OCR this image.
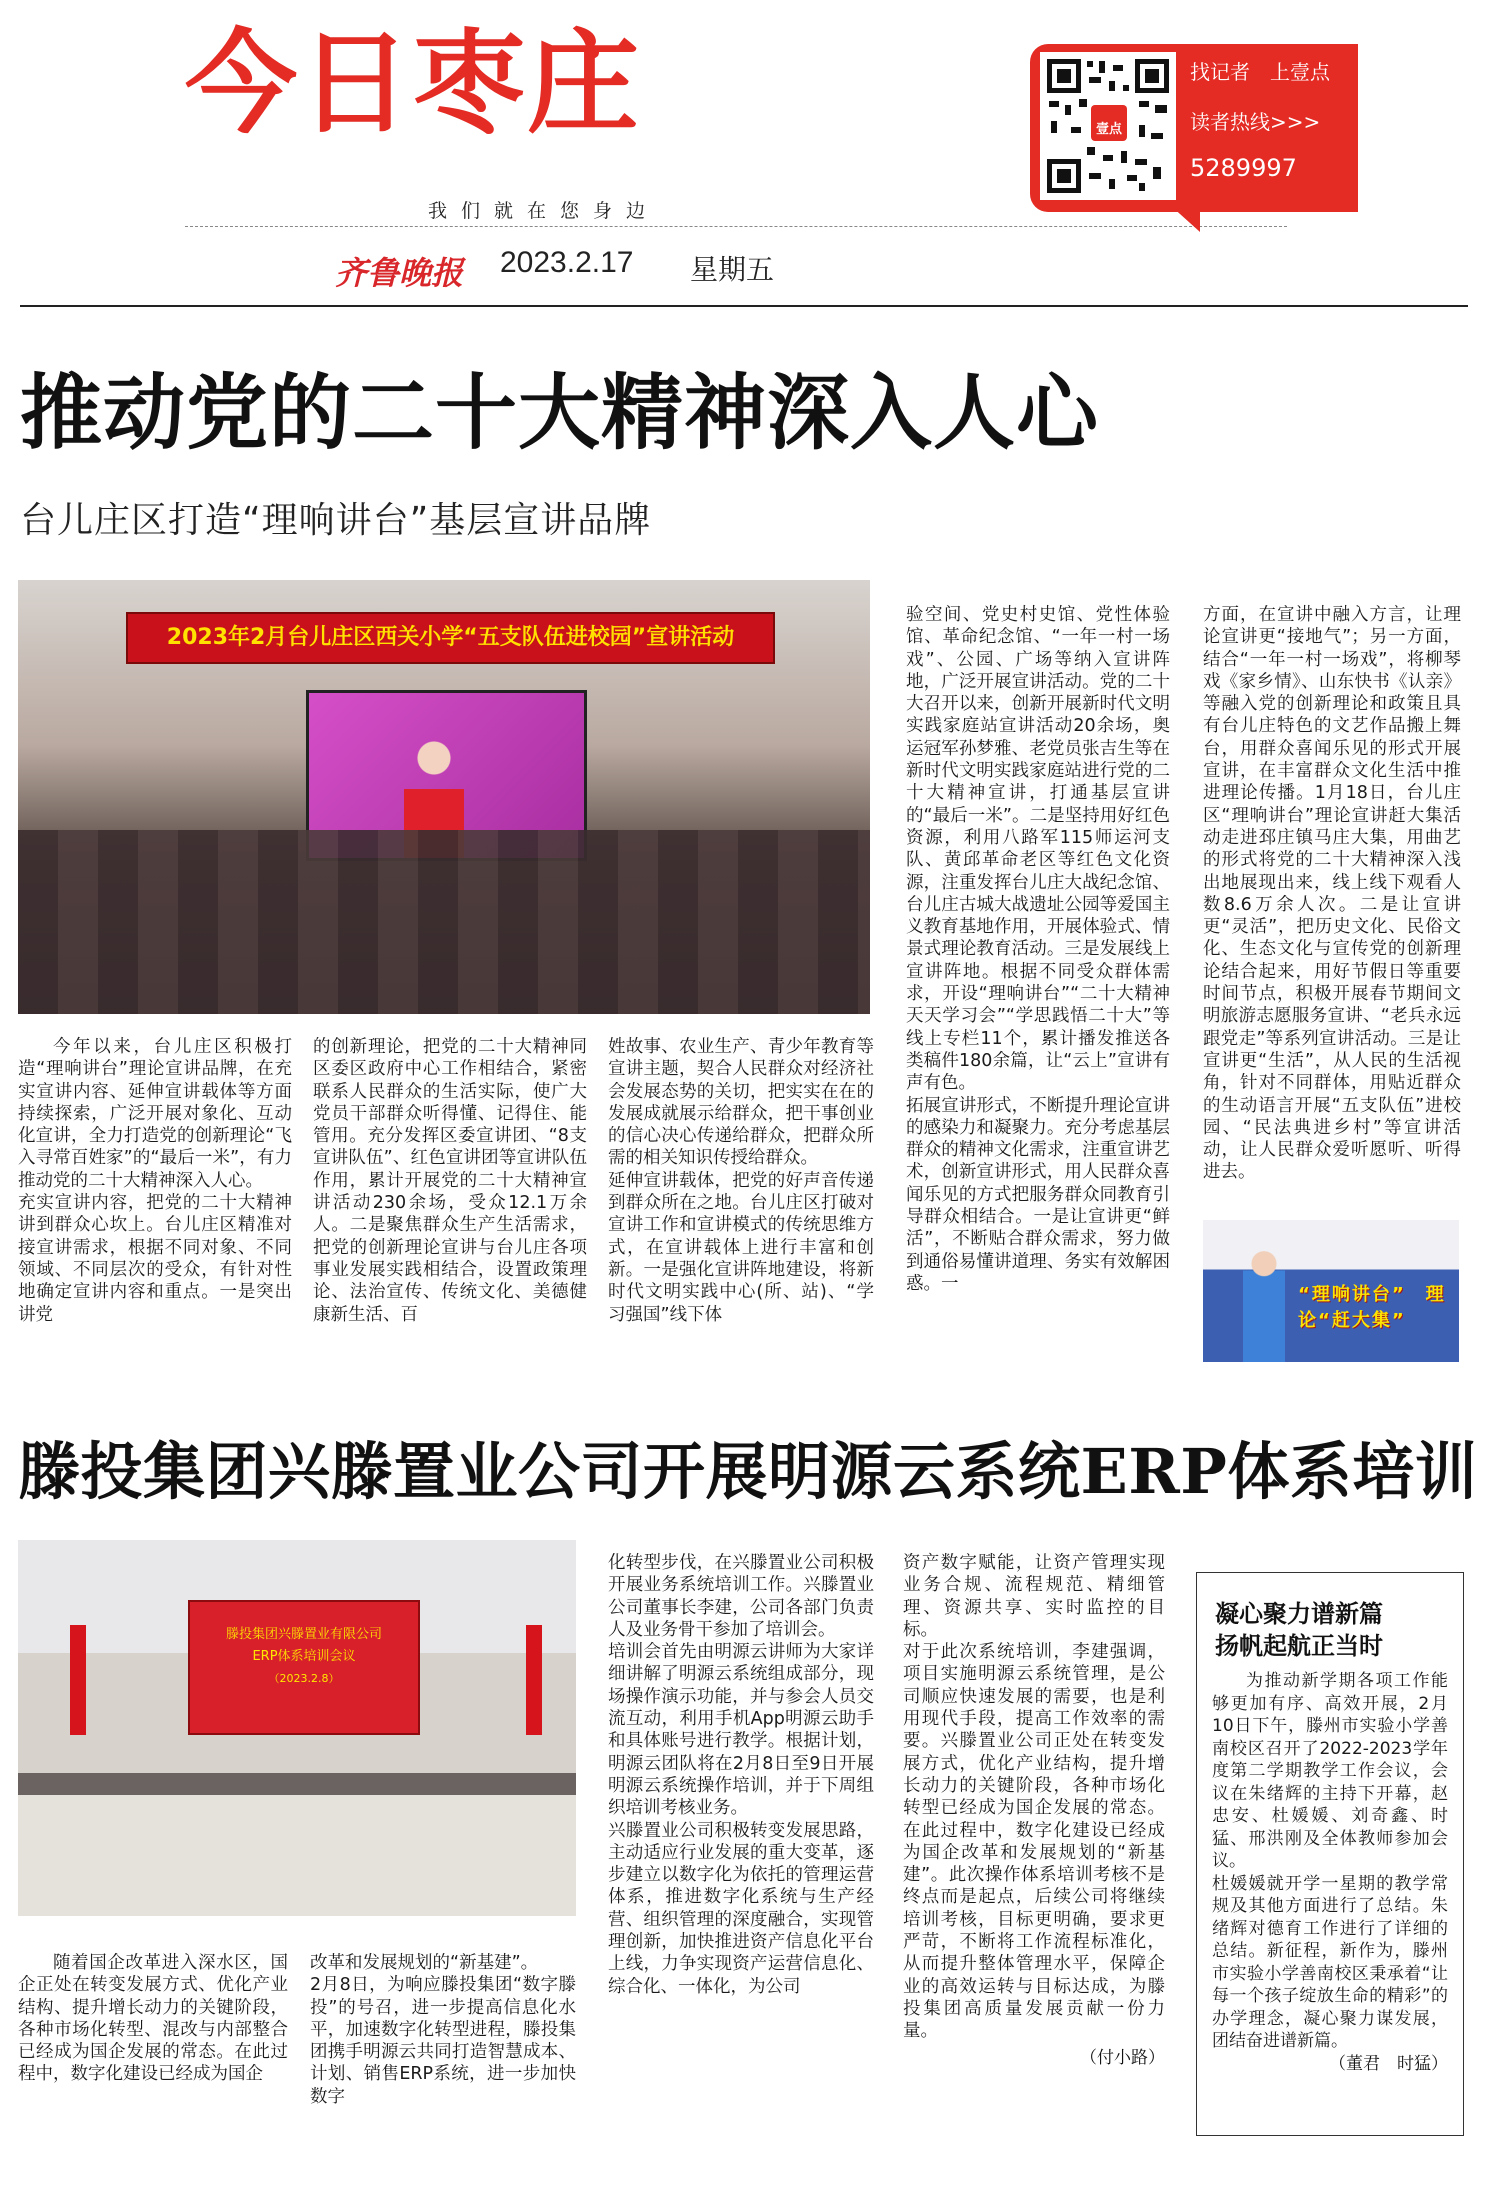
今日枣庄
我们就在您身边
齐鲁晚报 2023.2.17 星期五
找记者　上壹点
读者热线>>>
5289997
壹点
推动党的二十大精神深入人心
台儿庄区打造“理响讲台”基层宣讲品牌
2023年2月台儿庄区西关小学“五支队伍进校园”宣讲活动

今年以来，台儿庄区积极打造“理响讲台”理论宣讲品牌，在充实宣讲内容、延伸宣讲载体等方面持续探索，广泛开展对象化、互动化宣讲，全力打造党的创新理论“飞入寻常百姓家”的“最后一米”，有力推动党的二十大精神深入人心。
充实宣讲内容，把党的二十大精神讲到群众心坎上。台儿庄区精准对接宣讲需求，根据不同对象、不同领域、不同层次的受众，有针对性地确定宣讲内容和重点。一是突出讲党

的创新理论，把党的二十大精神同区委区政府中心工作相结合，紧密联系人民群众的生活实际，使广大党员干部群众听得懂、记得住、能管用。充分发挥区委宣讲团、“8支宣讲队伍”、红色宣讲团等宣讲队伍作用，累计开展党的二十大精神宣讲活动230余场，受众12.1万余人。二是聚焦群众生产生活需求，把党的创新理论宣讲与台儿庄各项事业发展实践相结合，设置政策理论、法治宣传、传统文化、美德健康新生活、百

姓故事、农业生产、青少年教育等宣讲主题，契合人民群众对经济社会发展态势的关切，把实实在在的发展成就展示给群众，把干事创业的信心决心传递给群众，把群众所需的相关知识传授给群众。
延伸宣讲载体，把党的好声音传递到群众所在之地。台儿庄区打破对宣讲工作和宣讲模式的传统思维方式，在宣讲载体上进行丰富和创新。一是强化宣讲阵地建设，将新时代文明实践中心(所、站)、“学习强国”线下体

验空间、党史村史馆、党性体验馆、革命纪念馆、“一年一村一场戏”、公园、广场等纳入宣讲阵地，广泛开展宣讲活动。党的二十大召开以来，创新开展新时代文明实践家庭站宣讲活动20余场，奥运冠军孙梦雅、老党员张吉生等在新时代文明实践家庭站进行党的二十大精神宣讲，打通基层宣讲的“最后一米”。二是坚持用好红色资源，利用八路军115师运河支队、黄邱革命老区等红色文化资源，注重发挥台儿庄大战纪念馆、台儿庄古城大战遗址公园等爱国主义教育基地作用，开展体验式、情景式理论教育活动。三是发展线上宣讲阵地。根据不同受众群体需求，开设“理响讲台”“二十大精神天天学习会”“学思践悟二十大”等线上专栏11个，累计播发推送各类稿件180余篇，让“云上”宣讲有声有色。
拓展宣讲形式，不断提升理论宣讲的感染力和凝聚力。充分考虑基层群众的精神文化需求，注重宣讲艺术，创新宣讲形式，用人民群众喜闻乐见的方式把服务群众同教育引导群众相结合。一是让宣讲更“鲜活”，不断贴合群众需求，努力做到通俗易懂讲道理、务实有效解困惑。一

方面，在宣讲中融入方言，让理论宣讲更“接地气”；另一方面，结合“一年一村一场戏”，将柳琴戏《家乡情》、山东快书《认亲》等融入党的创新理论和政策且具有台儿庄特色的文艺作品搬上舞台，用群众喜闻乐见的形式开展宣讲，在丰富群众文化生活中推进理论传播。1月18日，台儿庄区“理响讲台”理论宣讲赶大集活动走进邳庄镇马庄大集，用曲艺的形式将党的二十大精神深入浅出地展现出来，线上线下观看人数8.6万余人次。二是让宣讲更“灵活”，把历史文化、民俗文化、生态文化与宣传党的创新理论结合起来，用好节假日等重要时间节点，积极开展春节期间文明旅游志愿服务宣讲、“老兵永远跟党走”等系列宣讲活动。三是让宣讲更“生活”，从人民的生活视角，针对不同群体，用贴近群众的生动语言开展“五支队伍”进校园、“民法典进乡村”等宣讲活动，让人民群众爱听愿听、听得进去。

“理响讲台”　理论“赶大集”
滕投集团兴滕置业公司开展明源云系统ERP体系培训
滕投集团兴滕置业有限公司
ERP体系培训会议
（2023.2.8）

随着国企改革进入深水区，国企正处在转变发展方式、优化产业结构、提升增长动力的关键阶段，各种市场化转型、混改与内部整合已经成为国企发展的常态。在此过程中，数字化建设已经成为国企

改革和发展规划的“新基建”。
2月8日，为响应滕投集团“数字滕投”的号召，进一步提高信息化水平，加速数字化转型进程，滕投集团携手明源云共同打造智慧成本、计划、销售ERP系统，进一步加快数字

化转型步伐，在兴滕置业公司积极开展业务系统培训工作。兴滕置业公司董事长李建，公司各部门负责人及业务骨干参加了培训会。
培训会首先由明源云讲师为大家详细讲解了明源云系统组成部分，现场操作演示功能，并与参会人员交流互动，利用手机App明源云助手和具体账号进行教学。根据计划，明源云团队将在2月8日至9日开展明源云系统操作培训，并于下周组织培训考核业务。
兴滕置业公司积极转变发展思路，主动适应行业发展的重大变革，逐步建立以数字化为依托的管理运营体系，推进数字化系统与生产经营、组织管理的深度融合，实现管理创新，加快推进资产信息化平台上线，力争实现资产运营信息化、综合化、一体化，为公司

资产数字赋能，让资产管理实现业务合规、流程规范、精细管理、资源共享、实时监控的目标。
对于此次系统培训，李建强调，项目实施明源云系统管理，是公司顺应快速发展的需要，也是利用现代手段，提高工作效率的需要。兴滕置业公司正处在转变发展方式，优化产业结构，提升增长动力的关键阶段，各种市场化转型已经成为国企发展的常态。在此过程中，数字化建设已经成为国企改革和发展规划的“新基建”。此次操作体系培训考核不是终点而是起点，后续公司将继续培训考核，目标更明确，要求更严苛，不断将工作流程标准化，从而提升整体管理水平，保障企业的高效运转与目标达成，为滕投集团高质量发展贡献一份力量。

（付小路）
凝心聚力谱新篇
扬帆起航正当时

为推动新学期各项工作能够更加有序、高效开展，2月10日下午，滕州市实验小学善南校区召开了2022-2023学年度第二学期教学工作会议，会议在朱绪辉的主持下开幕，赵忠安、杜媛媛、刘奇鑫、时猛、邢洪刚及全体教师参加会议。
杜媛媛就开学一星期的教学常规及其他方面进行了总结。朱绪辉对德育工作进行了详细的总结。新征程，新作为，滕州市实验小学善南校区秉承着“让每一个孩子绽放生命的精彩”的办学理念，凝心聚力谋发展，团结奋进谱新篇。

（董君　时猛）
